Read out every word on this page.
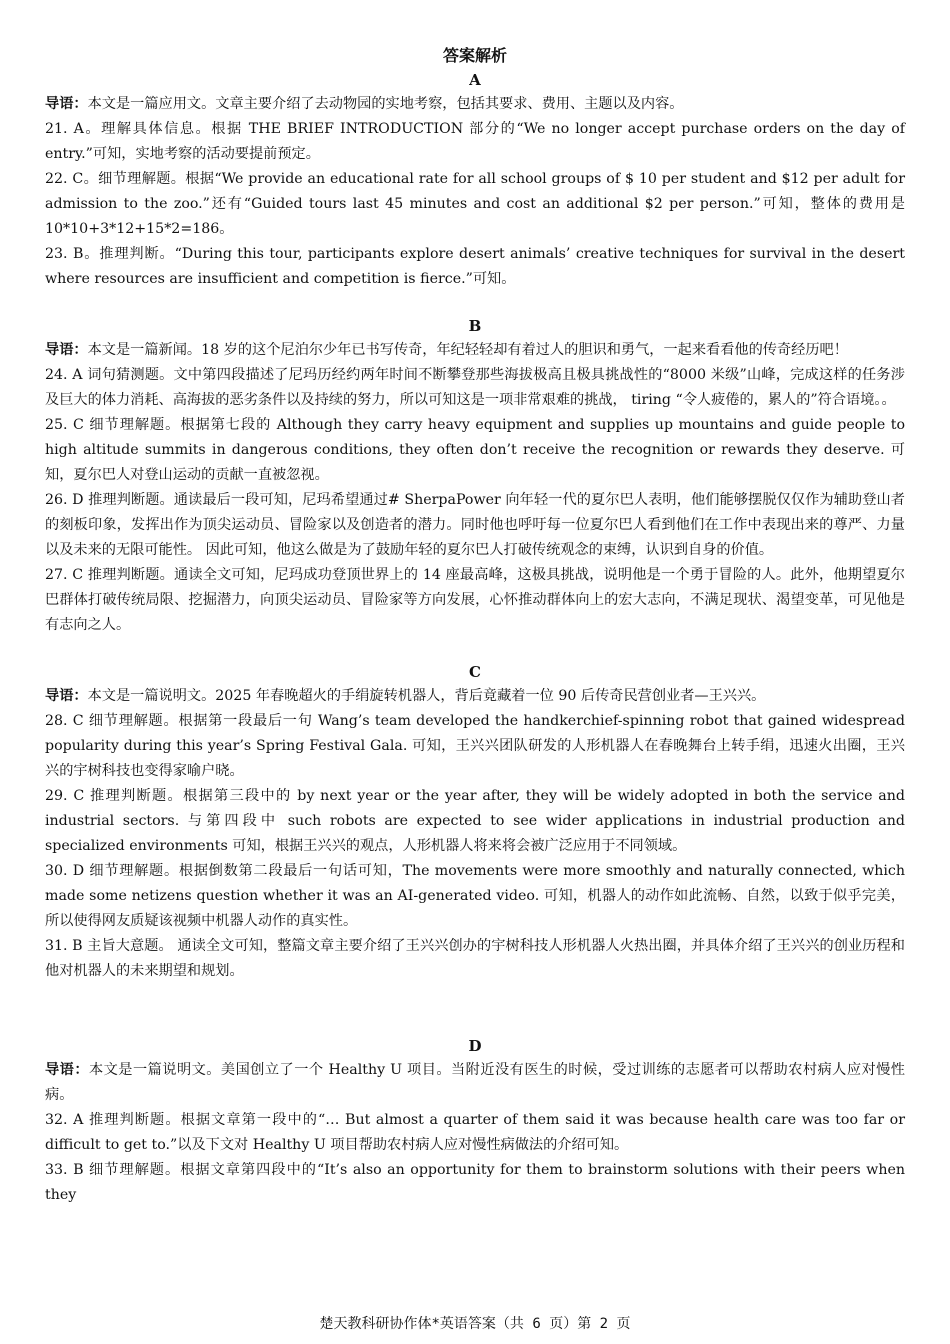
答案解析
A

导语：本文是一篇应用文。文章主要介绍了去动物园的实地考察，包括其要求、费用、主题以及内容。

21. A。理解具体信息。根据 THE BRIEF INTRODUCTION 部分的“We no longer accept purchase orders on the day of entry.”可知，实地考察的活动要提前预定。

22. C。细节理解题。根据“We provide an educational rate for all school groups of $ 10 per student and $12 per adult for admission to the zoo.”还有“Guided tours last 45 minutes and cost an additional $2 per person.”可知，整体的费用是10*10+3*12+15*2=186。

23. B。推理判断。“During this tour, participants explore desert animals’ creative techniques for survival in the desert where resources are insufficient and competition is fierce.”可知。

B

导语：本文是一篇新闻。18 岁的这个尼泊尔少年已书写传奇，年纪轻轻却有着过人的胆识和勇气，一起来看看他的传奇经历吧！

24. A 词句猜测题。文中第四段描述了尼玛历经约两年时间不断攀登那些海拔极高且极具挑战性的“8000 米级”山峰，完成这样的任务涉及巨大的体力消耗、高海拔的恶劣条件以及持续的努力，所以可知这是一项非常艰难的挑战， tiring “令人疲倦的，累人的”符合语境。。

25. C 细节理解题。根据第七段的 Although they carry heavy equipment and supplies up mountains and guide people to high altitude summits in dangerous conditions, they often don’t receive the recognition or rewards they deserve. 可知，夏尔巴人对登山运动的贡献一直被忽视。

26. D 推理判断题。通读最后一段可知，尼玛希望通过# SherpaPower 向年轻一代的夏尔巴人表明，他们能够摆脱仅仅作为辅助登山者的刻板印象，发挥出作为顶尖运动员、冒险家以及创造者的潜力。同时他也呼吁每一位夏尔巴人看到他们在工作中表现出来的尊严、力量以及未来的无限可能性。 因此可知，他这么做是为了鼓励年轻的夏尔巴人打破传统观念的束缚，认识到自身的价值。

27. C 推理判断题。通读全文可知，尼玛成功登顶世界上的 14 座最高峰，这极具挑战，说明他是一个勇于冒险的人。此外，他期望夏尔巴群体打破传统局限、挖掘潜力，向顶尖运动员、冒险家等方向发展，心怀推动群体向上的宏大志向，不满足现状、渴望变革，可见他是有志向之人。

C

导语：本文是一篇说明文。2025 年春晚超火的手绢旋转机器人，背后竟藏着一位 90 后传奇民营创业者—王兴兴。

28. C 细节理解题。根据第一段最后一句 Wang’s team developed the handkerchief-spinning robot that gained widespread popularity during this year’s Spring Festival Gala. 可知，王兴兴团队研发的人形机器人在春晚舞台上转手绢，迅速火出圈，王兴兴的宇树科技也变得家喻户晓。

29. C 推理判断题。根据第三段中的 by next year or the year after, they will be widely adopted in both the service and industrial sectors. 与第四段中 such robots are expected to see wider applications in industrial production and specialized environments 可知，根据王兴兴的观点，人形机器人将来将会被广泛应用于不同领域。

30. D 细节理解题。根据倒数第二段最后一句话可知，The movements were more smoothly and naturally connected, which made some netizens question whether it was an AI-generated video. 可知，机器人的动作如此流畅、自然，以致于似乎完美，所以使得网友质疑该视频中机器人动作的真实性。

31. B 主旨大意题。 通读全文可知，整篇文章主要介绍了王兴兴创办的宇树科技人形机器人火热出圈，并具体介绍了王兴兴的创业历程和他对机器人的未来期望和规划。

D

导语：本文是一篇说明文。美国创立了一个 Healthy U 项目。当附近没有医生的时候，受过训练的志愿者可以帮助农村病人应对慢性病。

32. A 推理判断题。根据文章第一段中的“… But almost a quarter of them said it was because health care was too far or difficult to get to.”以及下文对 Healthy U 项目帮助农村病人应对慢性病做法的介绍可知。

33. B 细节理解题。根据文章第四段中的“It’s also an opportunity for them to brainstorm solutions with their peers when they

楚天教科研协作体*英语答案（共 6 页）第 2 页
